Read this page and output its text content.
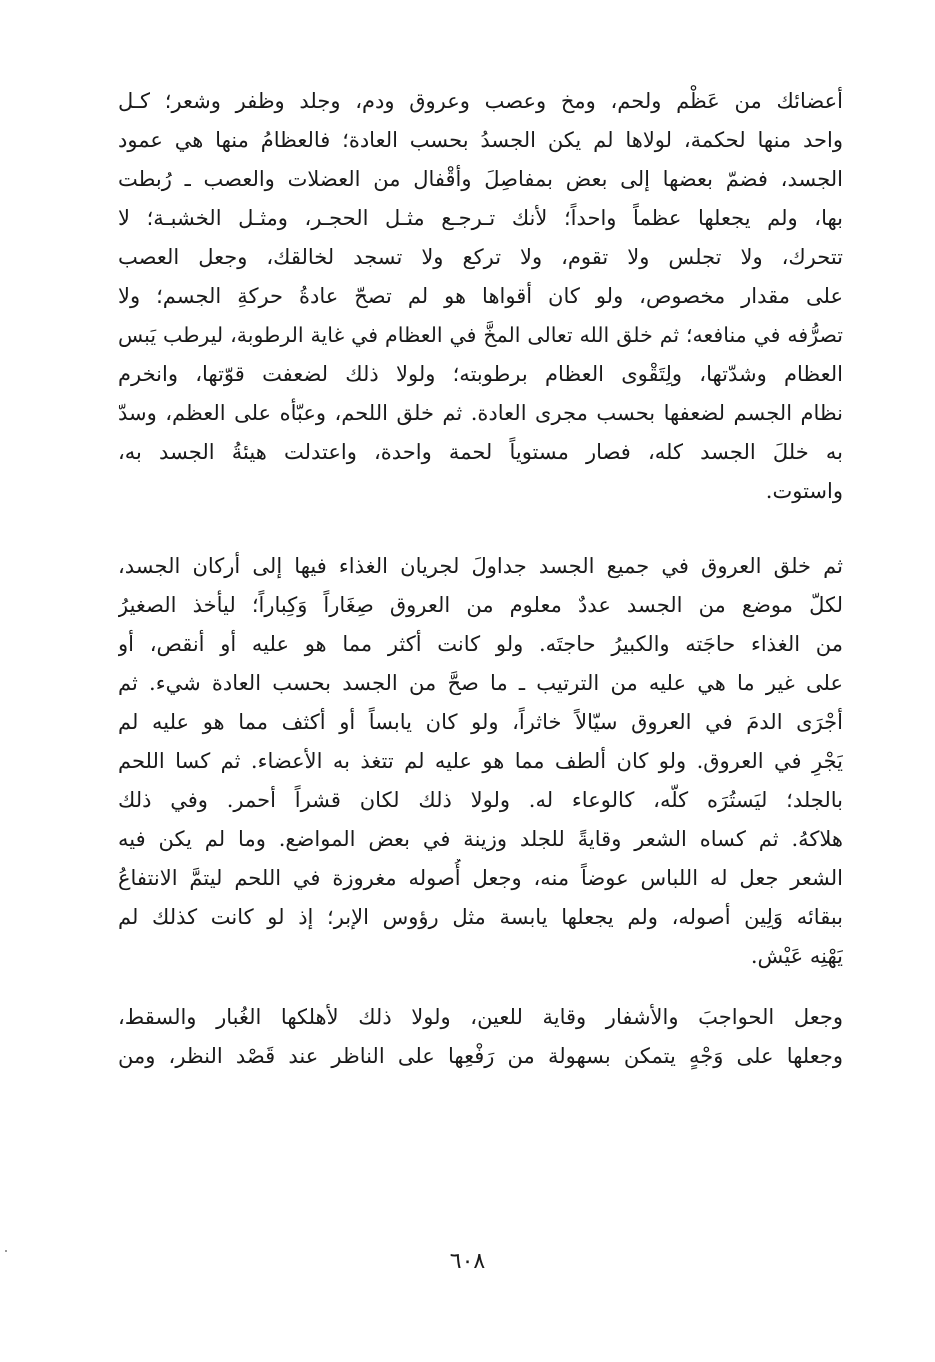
أعضائك من عَظْم ولحم، ومخ وعصب وعروق ودم، وجلد وظفر وشعر؛ كـل
واحد منها لحكمة، لولاها لم يكن الجسدُ بحسب العادة؛ فالعظامُ منها هي عمود
الجسد، فضمّ بعضها إلى بعض بمفاصِلَ وأقْفال من العضلات والعصب ـ رُبطت
بها، ولم يجعلها عظماً واحداً؛ لأنك تـرجـع مثـل الحجـر، ومثـل الخشبـة؛ لا
تتحرك، ولا تجلس ولا تقوم، ولا تركع ولا تسجد لخالقك، وجعل العصب
على مقدار مخصوص، ولو كان أقواها هو لم تصحّ عادةُ حركةِ الجسم؛ ولا
تصرُّفه في منافعه؛ ثم خلق الله تعالى المخَّ في العظام في غاية الرطوبة، ليرطب يَبس
العظام وشدّتها، ولِتَقْوى العظام برطوبته؛ ولولا ذلك لضعفت قوّتها، وانخرم
نظام الجسم لضعفها بحسب مجرى العادة. ثم خلق اللحم، وعبّأه على العظم، وسدّ
به خللَ الجسد كله، فصار مستوياً لحمة واحدة، واعتدلت هيئةُ الجسد به،
واستوت.
ثم خلق العروق في جميع الجسد جداولَ لجريان الغذاء فيها إلى أركان الجسد،
لكلّ موضع من الجسد عددٌ معلوم من العروق صِغَاراً وَكِباراً؛ ليأخذ الصغيرُ
من الغذاء حاجَته والكبيرُ حاجتَه. ولو كانت أكثر مما هو عليه أو أنقص، أو
على غير ما هي عليه من الترتيب ـ ما صحَّ من الجسد بحسب العادة شيء. ثم
أجْرَى الدمَ في العروق سيّالاً خاثراً، ولو كان يابساً أو أكثف مما هو عليه لم
يَجْرِ في العروق. ولو كان ألطف مما هو عليه لم تتغذ به الأعضاء. ثم كسا اللحم
بالجلد؛ ليَستُرَه كلّه، كالوعاء له. ولولا ذلك لكان قشراً أحمر. وفي ذلك
هلاكهُ. ثم كساه الشعر وقايةً للجلد وزينة في بعض المواضع. وما لم يكن فيه
الشعر جعل له اللباس عوضاً منه، وجعل أُصوله مغروزة في اللحم ليتمَّ الانتفاعُ
ببقائه وَلِين أصوله، ولم يجعلها يابسة مثل رؤوس الإبر؛ إذ لو كانت كذلك لم
يَهْنِه عَيْش.
وجعل الحواجبَ والأشفار وقاية للعين، ولولا ذلك لأهلكها الغُبار والسقط،
وجعلها على وَجْهٍ يتمكن بسهولة من رَفْعِها على الناظر عند قَصْد النظر، ومن
٦٠٨
